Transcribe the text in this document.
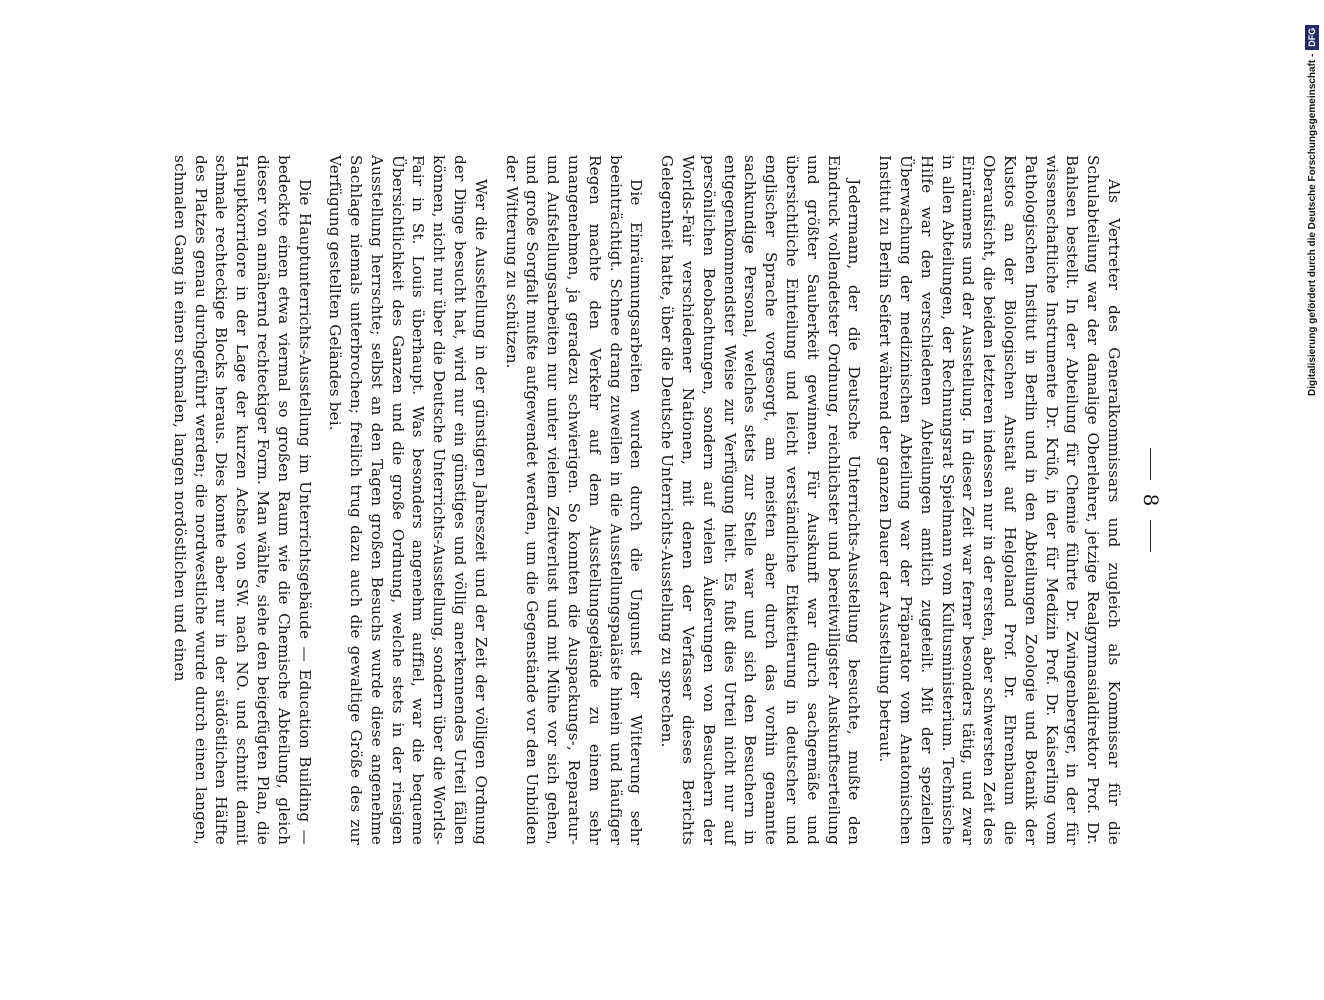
8

Als Vertreter des Generalkommissars und zugleich als Kommissar für die Schulabteilung war der damalige Oberlehrer, jetzige Realgymnasialdirektor Prof. Dr. Bahlsen bestellt. In der Abteilung für Chemie führte Dr. Zwingenberger, in der für wissenschaftliche Instrumente Dr. Krüß, in der für Medizin Prof. Dr. Kaiserling vom Pathologischen Institut in Berlin und in den Abteilungen Zoologie und Botanik der Kustos an der Biologischen Anstalt auf Helgoland Prof. Dr. Ehrenbaum die Oberaufsicht, die beiden letzteren indessen nur in der ersten, aber schwersten Zeit des Einräumens und der Ausstellung. In dieser Zeit war ferner besonders tätig, und zwar in allen Abteilungen, der Rechnungsrat Spielmann vom Kultusministerium. Technische Hilfe war den verschiedenen Abteilungen amtlich zugeteilt. Mit der speziellen Überwachung der medizinischen Abteilung war der Präparator vom Anatomischen Institut zu Berlin Seifert während der ganzen Dauer der Ausstellung betraut.

Jedermann, der die Deutsche Unterrichts-Ausstellung besuchte, mußte den Eindruck vollendetster Ordnung, reichlichster und bereitwilligster Auskunftserteilung und größter Sauberkeit gewinnen. Für Auskunft war durch sachgemäße und übersichtliche Einteilung und leicht verständliche Etikettierung in deutscher und englischer Sprache vorgesorgt, am meisten aber durch das vorhin genannte sachkundige Personal, welches stets zur Stelle war und sich den Besuchern in entgegenkommendster Weise zur Verfügung hielt. Es fußt dies Urteil nicht nur auf persönlichen Beobachtungen, sondern auf vielen Äußerungen von Besuchern der Worlds-Fair verschiedener Nationen, mit denen der Verfasser dieses Berichts Gelegenheit hatte, über die Deutsche Unterrichts-Ausstellung zu sprechen.

Die Einräumungsarbeiten wurden durch die Ungunst der Witterung sehr beeinträchtigt. Schnee drang zuweilen in die Ausstellungspaläste hinein und häufiger Regen machte den Verkehr auf dem Ausstellungsgelände zu einem sehr unangenehmen, ja geradezu schwierigen. So konnten die Auspackungs-, Reparatur- und Aufstellungsarbeiten nur unter vielem Zeitverlust und mit Mühe vor sich gehen, und große Sorgfalt mußte aufgewendet werden, um die Gegenstände vor den Unbilden der Witterung zu schützen.

Wer die Ausstellung in der günstigen Jahreszeit und der Zeit der völligen Ordnung der Dinge besucht hat, wird nur ein günstiges und völlig anerkennendes Urteil fällen können, nicht nur über die Deutsche Unterrichts-Ausstellung, sondern über die Worlds-Fair in St. Louis überhaupt. Was besonders angenehm auffiel, war die bequeme Übersichtlichkeit des Ganzen und die große Ordnung, welche stets in der riesigen Ausstellung herrschte; selbst an den Tagen großen Besuchs wurde diese angenehme Sachlage niemals unterbrochen; freilich trug dazu auch die gewaltige Größe des zur Verfügung gestellten Geländes bei.

Die Hauptunterrichts-Ausstellung im Unterrichtsgebäude — Education Building — bedeckte einen etwa viermal so großen Raum wie die Chemische Abteilung, gleich dieser von annähernd rechteckiger Form. Man wählte, siehe den beigefügten Plan, die Hauptkorridore in der Lage der kurzen Achse von SW. nach NO. und schnitt damit schmale rechteckige Blocks heraus. Dies konnte aber nur in der südöstlichen Hälfte des Platzes genau durchgeführt werden; die nordwestliche wurde durch einen langen, schmalen Gang in einen schmalen, langen nordöstlichen und einen	Digitalisierung gefördert durch die Deutsche Forschungsgemeinschaft -
DFG
